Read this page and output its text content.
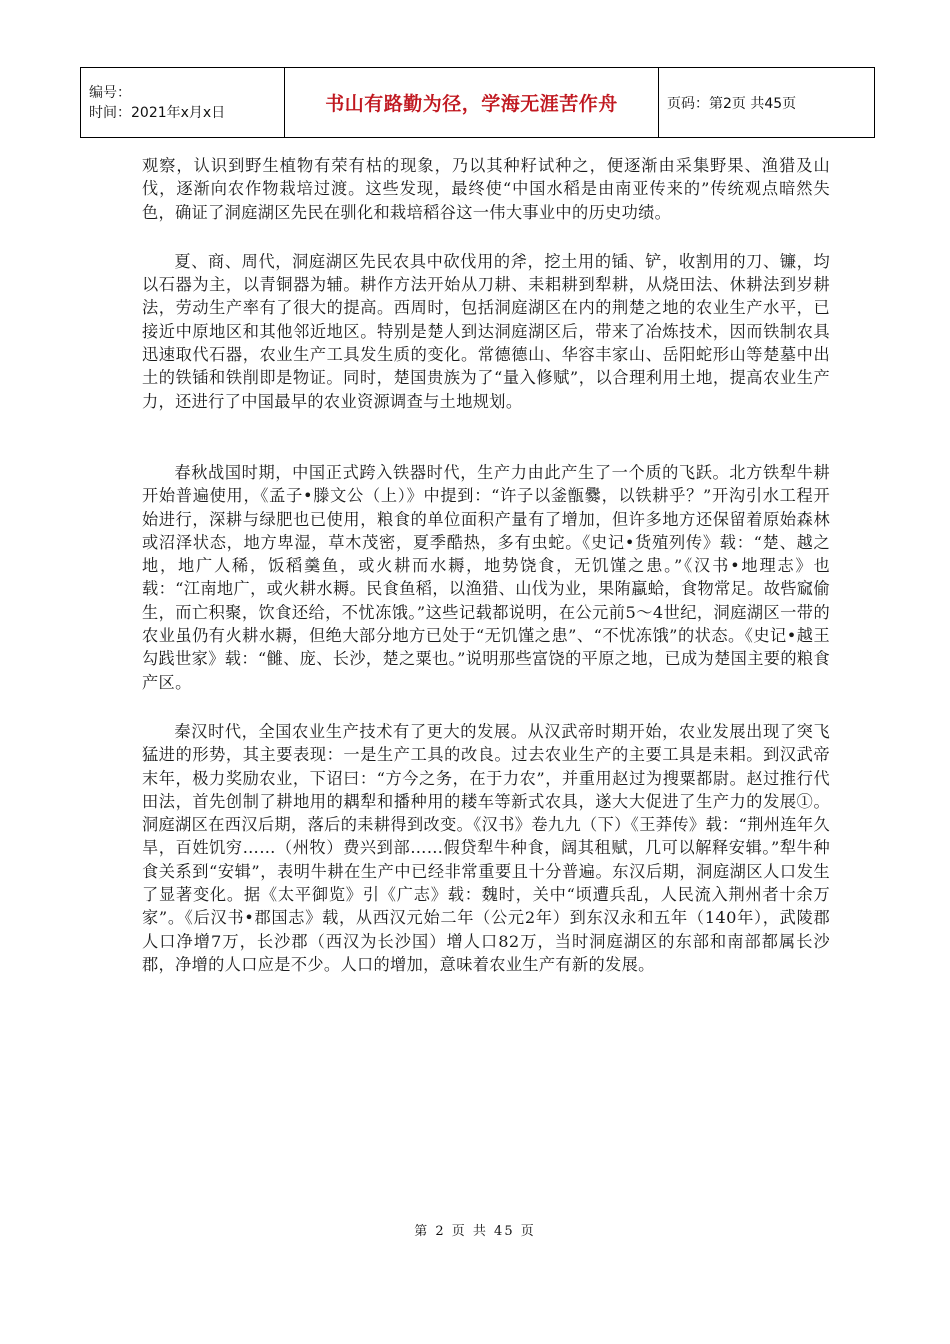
编号：
时间：2021年x月x日	书山有路勤为径，学海无涯苦作舟	页码：第2页 共45页

观察，认识到野生植物有荣有枯的现象，乃以其种籽试种之，便逐渐由采集野果、渔猎及山伐，逐渐向农作物栽培过渡。这些发现，最终使“中国水稻是由南亚传来的”传统观点暗然失色，确证了洞庭湖区先民在驯化和栽培稻谷这一伟大事业中的历史功绩。

夏、商、周代，洞庭湖区先民农具中砍伐用的斧，挖土用的锸、铲，收割用的刀、镰，均以石器为主，以青铜器为辅。耕作方法开始从刀耕、耒耜耕到犁耕，从烧田法、休耕法到岁耕法，劳动生产率有了很大的提高。西周时，包括洞庭湖区在内的荆楚之地的农业生产水平，已接近中原地区和其他邻近地区。特别是楚人到达洞庭湖区后，带来了冶炼技术，因而铁制农具迅速取代石器，农业生产工具发生质的变化。常德德山、华容丰家山、岳阳蛇形山等楚墓中出土的铁锸和铁削即是物证。同时，楚国贵族为了“量入修赋”，以合理利用土地，提高农业生产力，还进行了中国最早的农业资源调查与土地规划。

春秋战国时期，中国正式跨入铁器时代，生产力由此产生了一个质的飞跃。北方铁犁牛耕开始普遍使用，《孟子•滕文公（上）》中提到：“许子以釜甑爨，以铁耕乎？”开沟引水工程开始进行，深耕与绿肥也已使用，粮食的单位面积产量有了增加，但许多地方还保留着原始森林或沼泽状态，地方卑湿，草木茂密，夏季酷热，多有虫蛇。《史记•货殖列传》载：“楚、越之地，地广人稀，饭稻羹鱼，或火耕而水耨，地势饶食，无饥馑之患。”《汉书•地理志》也载：“江南地广，或火耕水耨。民食鱼稻，以渔猎、山伐为业，果陏蠃蛤，食物常足。故呰窳偷生，而亡积聚，饮食还给，不忧冻饿。”这些记载都说明，在公元前5～4世纪，洞庭湖区一带的农业虽仍有火耕水耨，但绝大部分地方已处于“无饥馑之患”、“不忧冻饿”的状态。《史记•越王勾践世家》载：“雠、庞、长沙，楚之粟也。”说明那些富饶的平原之地，已成为楚国主要的粮食产区。

秦汉时代，全国农业生产技术有了更大的发展。从汉武帝时期开始，农业发展出现了突飞猛进的形势，其主要表现：一是生产工具的改良。过去农业生产的主要工具是耒耜。到汉武帝末年，极力奖励农业，下诏曰：“方今之务，在于力农”，并重用赵过为搜粟都尉。赵过推行代田法，首先创制了耕地用的耦犁和播种用的耧车等新式农具，遂大大促进了生产力的发展①。洞庭湖区在西汉后期，落后的耒耕得到改变。《汉书》卷九九（下）《王莽传》载：“荆州连年久旱，百姓饥穷……（州牧）费兴到部……假贷犁牛种食，阔其租赋，几可以解释安辑。”犁牛种食关系到“安辑”，表明牛耕在生产中已经非常重要且十分普遍。东汉后期，洞庭湖区人口发生了显著变化。据《太平御览》引《广志》载：魏时，关中“顷遭兵乱，人民流入荆州者十余万家”。《后汉书•郡国志》载，从西汉元始二年（公元2年）到东汉永和五年（140年），武陵郡人口净增7万，长沙郡（西汉为长沙国）增人口82万，当时洞庭湖区的东部和南部都属长沙郡，净增的人口应是不少。人口的增加，意味着农业生产有新的发展。

第 2 页 共 45 页
